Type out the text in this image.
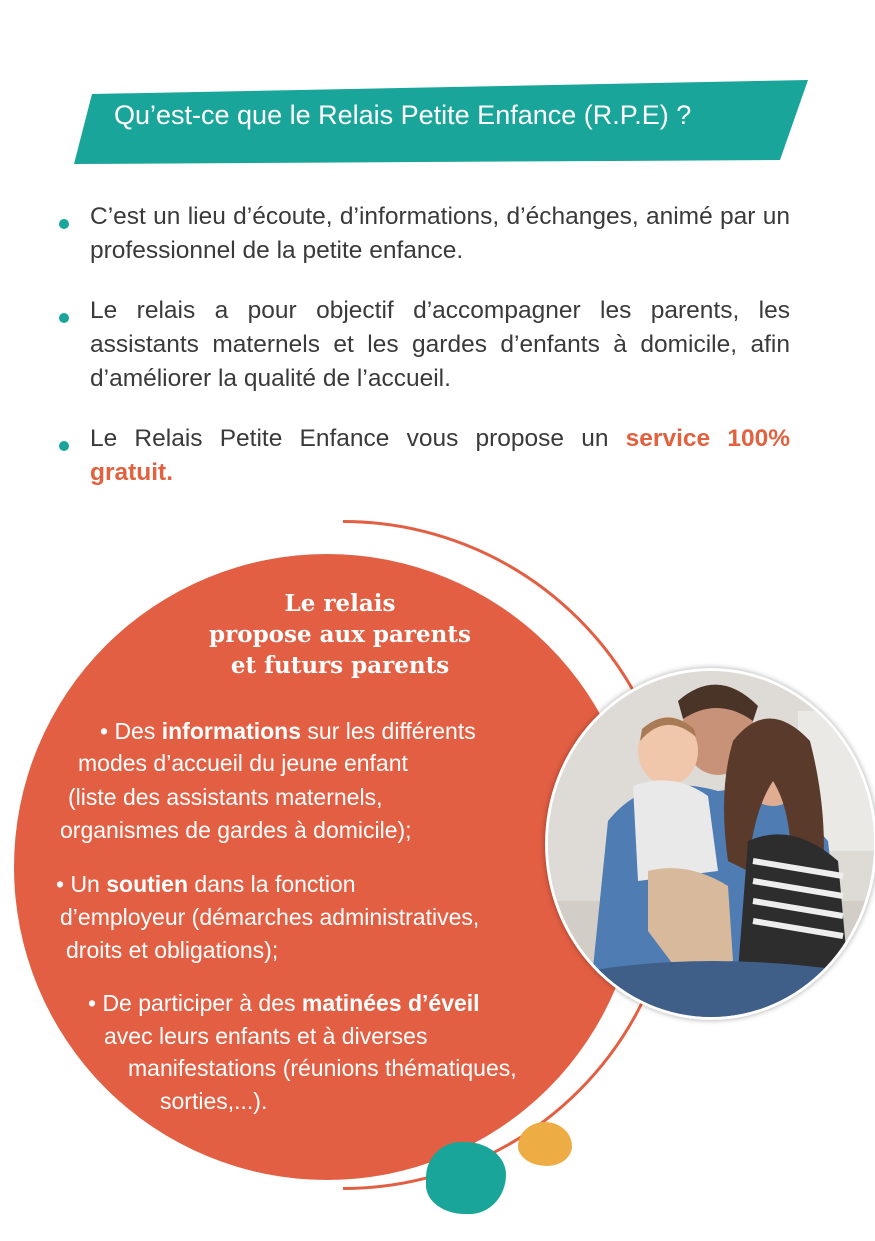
Qu’est-ce que le Relais Petite Enfance (R.P.E) ?
C’est un lieu d’écoute, d’informations, d’échanges, animé par un professionnel de la petite enfance.
Le relais a pour objectif d’accompagner les parents, les assistants maternels et les gardes d’enfants à domicile, afin d’améliorer la qualité de l’accueil.
Le Relais Petite Enfance vous propose un service 100% gratuit.
Le relais
propose aux parents
et futurs parents
• Des informations sur les différents
modes d’accueil du jeune enfant
(liste des assistants maternels,
organismes de gardes à domicile);
• Un soutien dans la fonction
d’employeur (démarches administratives,
droits et obligations);
• De participer à des matinées d’éveil
avec leurs enfants et à diverses
manifestations (réunions thématiques,
sorties,...).
